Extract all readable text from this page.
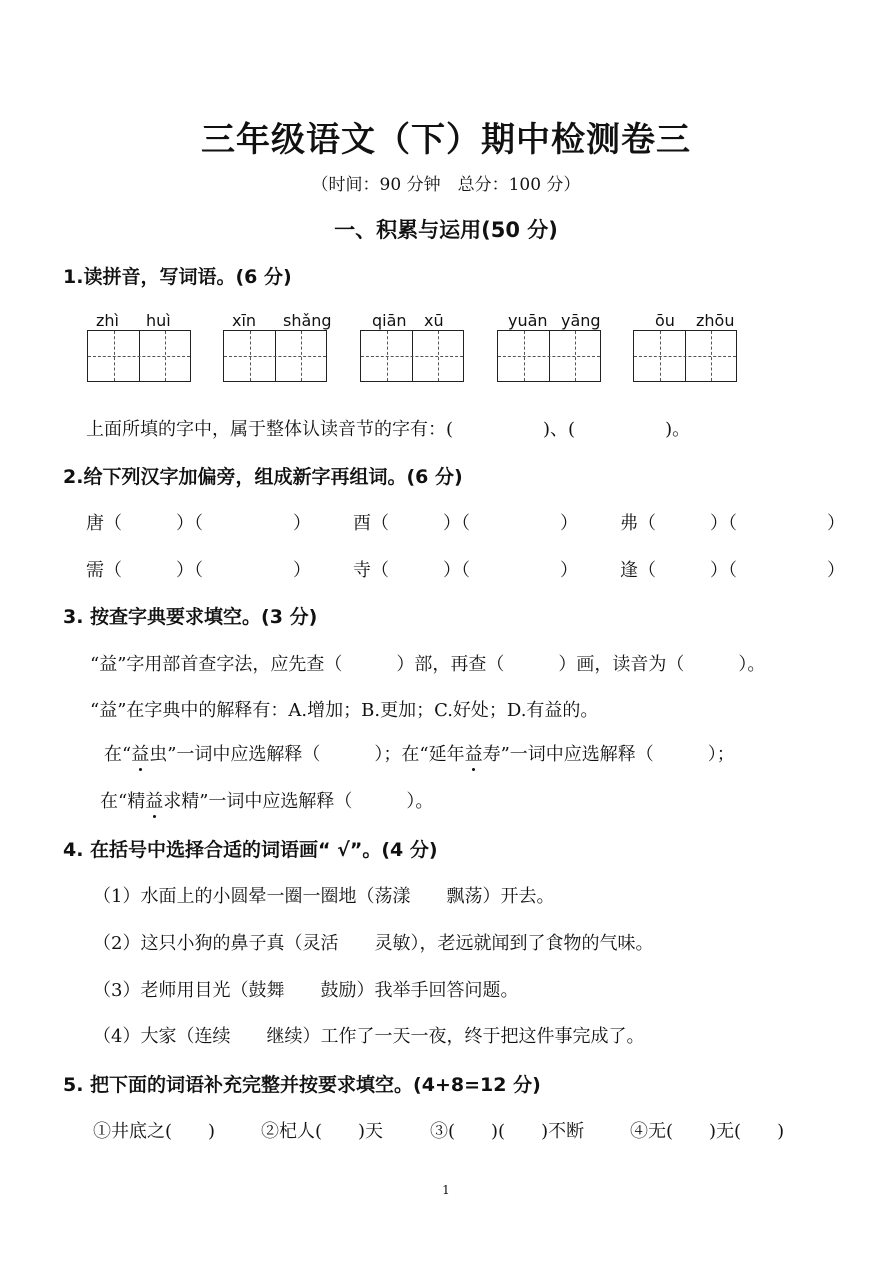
三年级语文（下）期中检测卷三
（时间：90 分钟　总分：100 分）
一、积累与运用(50 分)
1.读拼音，写词语。(6 分)
zhì huì	xīn shǎng	qiān xū	yuān yāng	ōu zhōu
上面所填的字中，属于整体认读音节的字有：(　　　　　)、(　　　　　)。
2.给下列汉字加偏旁，组成新字再组词。(6 分)
唐（　　　）（　　　　　） 酉（　　　）（　　　　　） 弗（　　　）（　　　　　）
需（　　　）（　　　　　） 寺（　　　）（　　　　　） 逢（　　　）（　　　　　）
3. 按查字典要求填空。(3 分)
“益”字用部首查字法，应先查（　　　）部，再查（　　　）画，读音为（　　　）。
“益”在字典中的解释有：A.增加；B.更加；C.好处；D.有益的。
在“益虫”一词中应选解释（　　　）；在“延年益寿”一词中应选解释（　　　）；
在“精益求精”一词中应选解释（　　　）。
4. 在括号中选择合适的词语画“ √”。(4 分)
（1）水面上的小圆晕一圈一圈地（荡漾　　飘荡）开去。
（2）这只小狗的鼻子真（灵活　　灵敏），老远就闻到了食物的气味。
（3）老师用目光（鼓舞　　鼓励）我举手回答问题。
（4）大家（连续　　继续）工作了一天一夜，终于把这件事完成了。
5. 把下面的词语补充完整并按要求填空。(4+8=12 分)
①井底之(　　)	②杞人(　　)天	③(　　)(　　)不断	④无(　　)无(　　)
1
